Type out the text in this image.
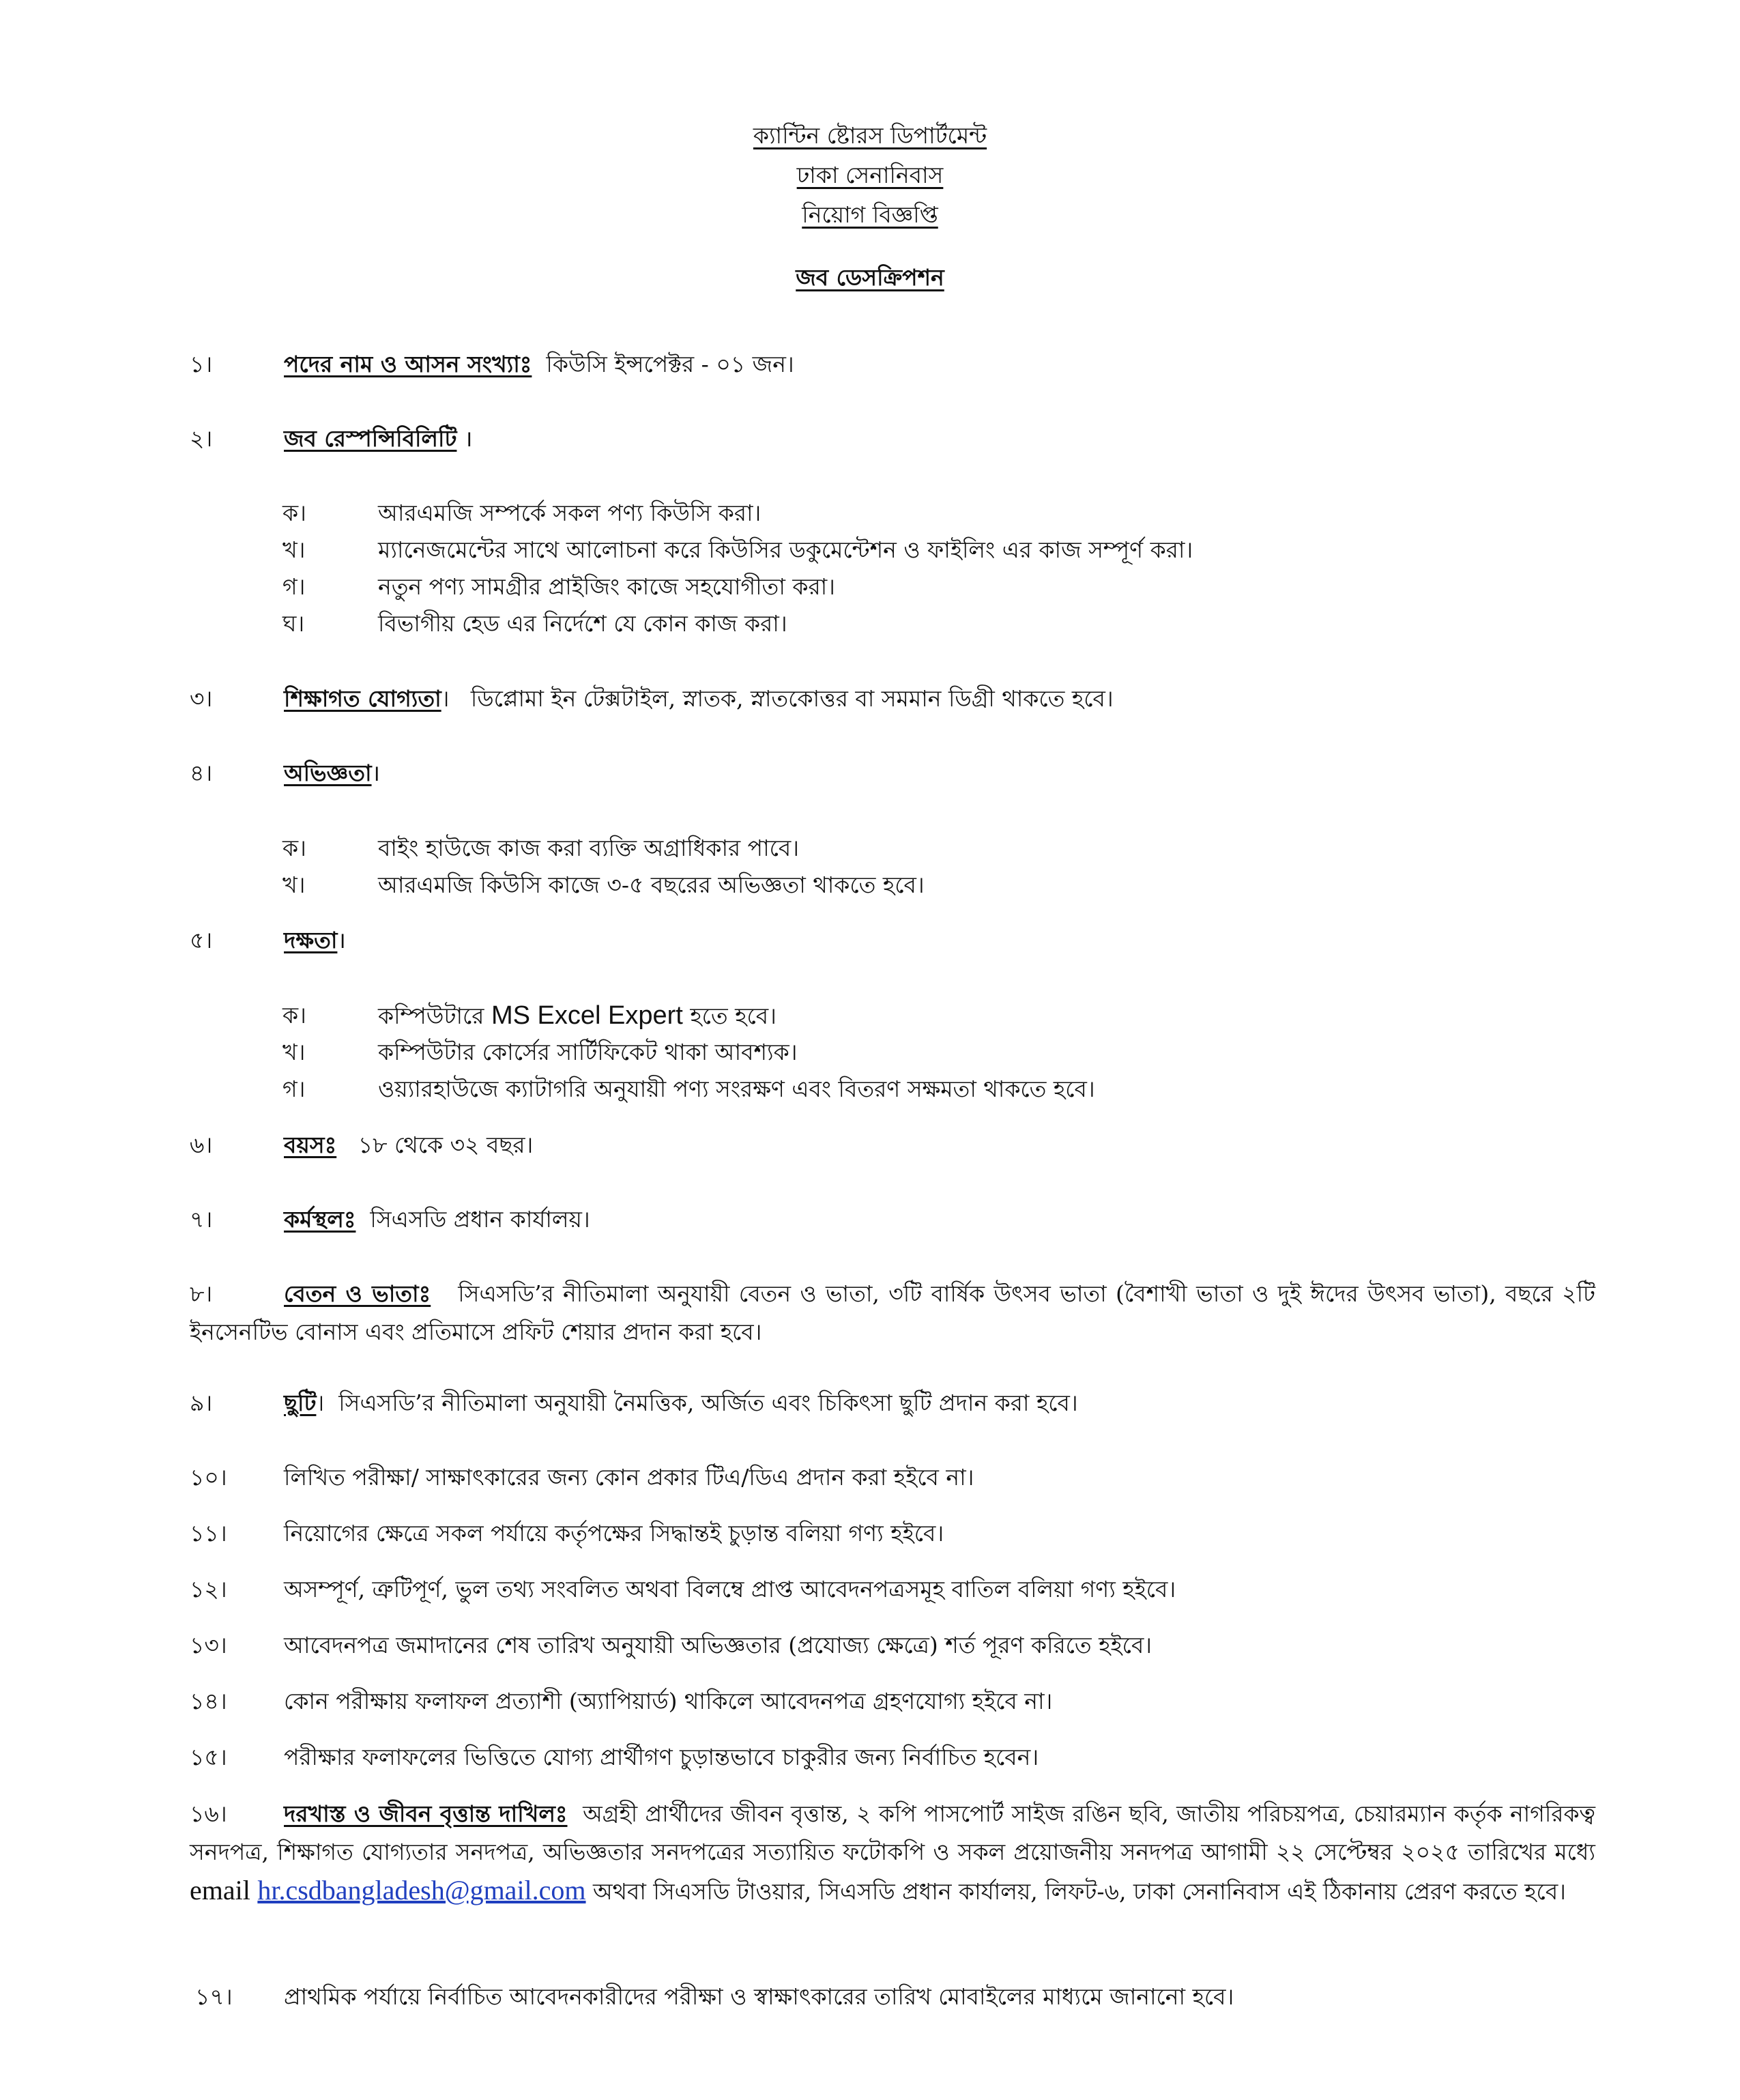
ক্যান্টিন ষ্টোরস ডিপার্টমেন্ট
ঢাকা সেনানিবাস
নিয়োগ বিজ্ঞপ্তি
জব ডেসক্রিপশন
১।	পদের নাম ও আসন সংখ্যাঃ কিউসি ইন্সপেক্টর - ০১ জন।
২।	জব রেস্পন্সিবিলিটি ।
ক।	আরএমজি সম্পর্কে সকল পণ্য কিউসি করা।
খ।	ম্যানেজমেন্টের সাথে আলোচনা করে কিউসির ডকুমেন্টেশন ও ফাইলিং এর কাজ সম্পূর্ণ করা।
গ।	নতুন পণ্য সামগ্রীর প্রাইজিং কাজে সহযোগীতা করা।
ঘ।	বিভাগীয় হেড এর নির্দেশে যে কোন কাজ করা।
৩।	শিক্ষাগত যোগ্যতা।   ডিপ্লোমা ইন টেক্সটাইল, স্নাতক, স্নাতকোত্তর বা সমমান ডিগ্রী থাকতে হবে।
৪।	অভিজ্ঞতা।
ক।	বাইং হাউজে কাজ করা ব্যক্তি অগ্রাধিকার পাবে।
খ।	আরএমজি কিউসি কাজে ৩-৫ বছরের অভিজ্ঞতা থাকতে হবে।
৫।	দক্ষতা।
ক।	কম্পিউটারে MS Excel Expert হতে হবে।
খ।	কম্পিউটার কোর্সের সার্টিফিকেট থাকা আবশ্যক।
গ।	ওয়্যারহাউজে ক্যাটাগরি অনুযায়ী পণ্য সংরক্ষণ এবং বিতরণ সক্ষমতা থাকতে হবে।
৬।	বয়সঃ ১৮ থেকে ৩২ বছর।
৭।	কর্মস্থলঃ সিএসডি প্রধান কার্যালয়।
৮।	বেতন ও ভাতাঃ সিএসডি’র নীতিমালা অনুযায়ী বেতন ও ভাতা, ৩টি বার্ষিক উৎসব ভাতা (বৈশাখী ভাতা ও দুই ঈদের উৎসব ভাতা), বছরে ২টি ইনসেনটিভ বোনাস এবং প্রতিমাসে প্রফিট শেয়ার প্রদান করা হবে।
৯।	ছুটি।  সিএসডি’র নীতিমালা অনুযায়ী নৈমত্তিক, অর্জিত এবং চিকিৎসা ছুটি প্রদান করা হবে।
১০।	লিখিত পরীক্ষা/ সাক্ষাৎকারের জন্য কোন প্রকার টিএ/ডিএ প্রদান করা হইবে না।
১১।	নিয়োগের ক্ষেত্রে সকল পর্যায়ে কর্তৃপক্ষের সিদ্ধান্তই চুড়ান্ত বলিয়া গণ্য হইবে।
১২।	অসম্পূর্ণ, ত্রুটিপূর্ণ, ভুল তথ্য সংবলিত অথবা বিলম্বে প্রাপ্ত আবেদনপত্রসমূহ বাতিল বলিয়া গণ্য হইবে।
১৩।	আবেদনপত্র জমাদানের শেষ তারিখ অনুযায়ী অভিজ্ঞতার (প্রযোজ্য ক্ষেত্রে) শর্ত পূরণ করিতে হইবে।
১৪।	কোন পরীক্ষায় ফলাফল প্রত্যাশী (অ্যাপিয়ার্ড) থাকিলে আবেদনপত্র গ্রহণযোগ্য হইবে না।
১৫।	পরীক্ষার ফলাফলের ভিত্তিতে যোগ্য প্রার্থীগণ চুড়ান্তভাবে চাকুরীর জন্য নির্বাচিত হবেন।
১৬।	দরখাস্ত ও জীবন বৃত্তান্ত দাখিলঃ অগ্রহী প্রার্থীদের জীবন বৃত্তান্ত, ২ কপি পাসপোর্ট সাইজ রঙিন ছবি, জাতীয় পরিচয়পত্র, চেয়ারম্যান কর্তৃক নাগরিকত্ব সনদপত্র, শিক্ষাগত যোগ্যতার সনদপত্র, অভিজ্ঞতার সনদপত্রের সত্যায়িত ফটোকপি ও সকল প্রয়োজনীয় সনদপত্র আগামী ২২ সেপ্টেম্বর ২০২৫ তারিখের মধ্যে email hr.csdbangladesh@gmail.com অথবা সিএসডি টাওয়ার, সিএসডি প্রধান কার্যালয়, লিফট-৬, ঢাকা সেনানিবাস এই ঠিকানায় প্রেরণ করতে হবে।
১৭। প্রাথমিক পর্যায়ে নির্বাচিত আবেদনকারীদের পরীক্ষা ও স্বাক্ষাৎকারের তারিখ মোবাইলের মাধ্যমে জানানো হবে।
